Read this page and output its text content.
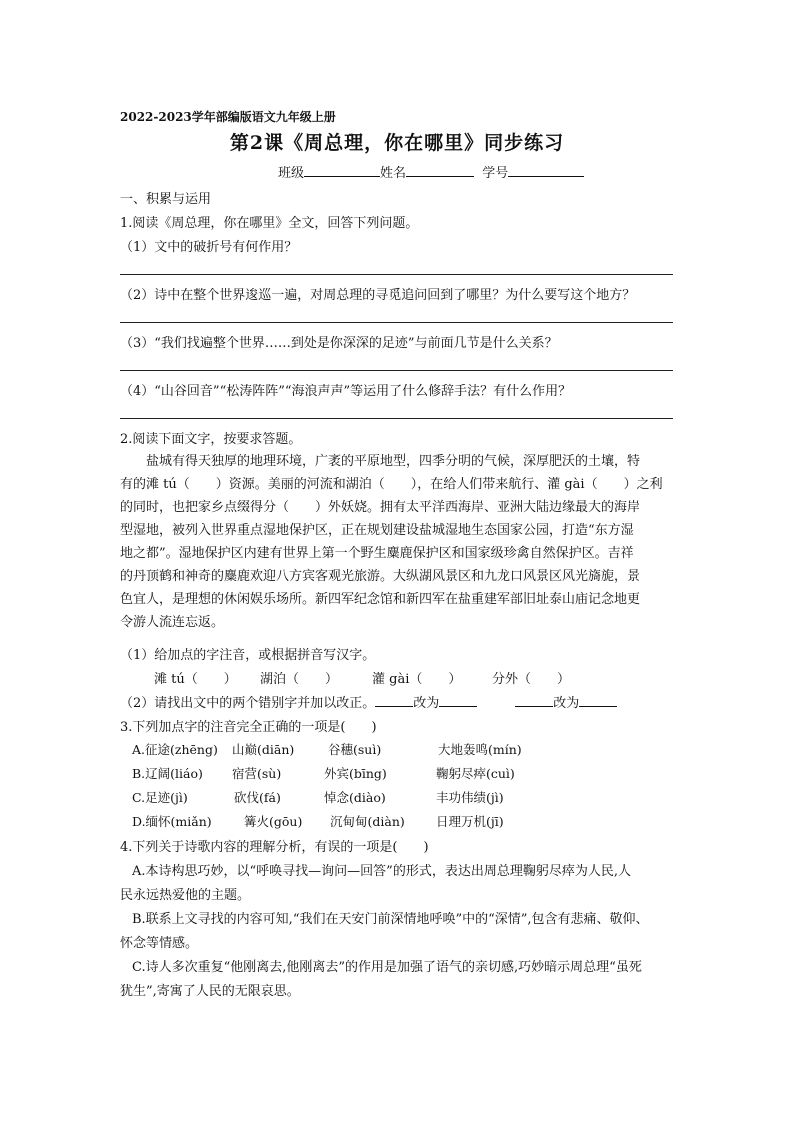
2022-2023学年部编版语文九年级上册
第2课《周总理，你在哪里》同步练习
班级	姓名	学号
一、积累与运用
1.阅读《周总理，你在哪里》全文，回答下列问题。
（1）文中的破折号有何作用？
（2）诗中在整个世界逡巡一遍，对周总理的寻觅追问回到了哪里？为什么要写这个地方？
（3）“我们找遍整个世界……到处是你深深的足迹”与前面几节是什么关系？
（4）“山谷回音”“松涛阵阵”“海浪声声”等运用了什么修辞手法？有什么作用？
2.阅读下面文字，按要求答题。
盐城有得天独厚的地理环境，广袤的平原地型，四季分明的气候，深厚肥沃的土壤，特
有的滩 tú（　　）资源。美丽的河流和湖泊（　　），在给人们带来航行、灌 gài（　　）之利
的同时，也把家乡点缀得分（　　）外妖娆。拥有太平洋西海岸、亚洲大陆边缘最大的海岸
型湿地，被列入世界重点湿地保护区，正在规划建设盐城湿地生态国家公园，打造“东方湿
地之都”。湿地保护区内建有世界上第一个野生麋鹿保护区和国家级珍禽自然保护区。吉祥
的丹顶鹤和神奇的麋鹿欢迎八方宾客观光旅游。大纵湖风景区和九龙口风景区风光旖旎，景
色宜人，是理想的休闲娱乐场所。新四军纪念馆和新四军在盐重建军部旧址泰山庙记念地更
令游人流连忘返。
（1）给加点的字注音，或根据拼音写汉字。
滩 tú（　　） 湖泊（　　）	灌 gài（　　） 分外（　　）
（2）请找出文中的两个错别字并加以改正。	改为	改为
3.下列加点字的注音完全正确的一项是(　　)
A.征途(zhēng) 山巅(diān)	谷穗(suì)	大地轰鸣(mín)
B.辽阔(liáo) 宿营(sù)	外宾(bīng)	鞠躬尽瘁(cuì)
C.足迹(jì)	砍伐(fá)	悼念(diào)	丰功伟绩(jì)
D.缅怀(miǎn)	篝火(gōu) 沉甸甸(diàn) 日理万机(jī)
4.下列关于诗歌内容的理解分析，有误的一项是(　　)
A.本诗构思巧妙，以“呼唤寻找—询问—回答”的形式，表达出周总理鞠躬尽瘁为人民,人
民永远热爱他的主题。
B.联系上文寻找的内容可知,“我们在天安门前深情地呼唤”中的“深情”,包含有悲痛、敬仰、
怀念等情感。
C.诗人多次重复“他刚离去,他刚离去”的作用是加强了语气的亲切感,巧妙暗示周总理“虽死
犹生”,寄寓了人民的无限哀思。
